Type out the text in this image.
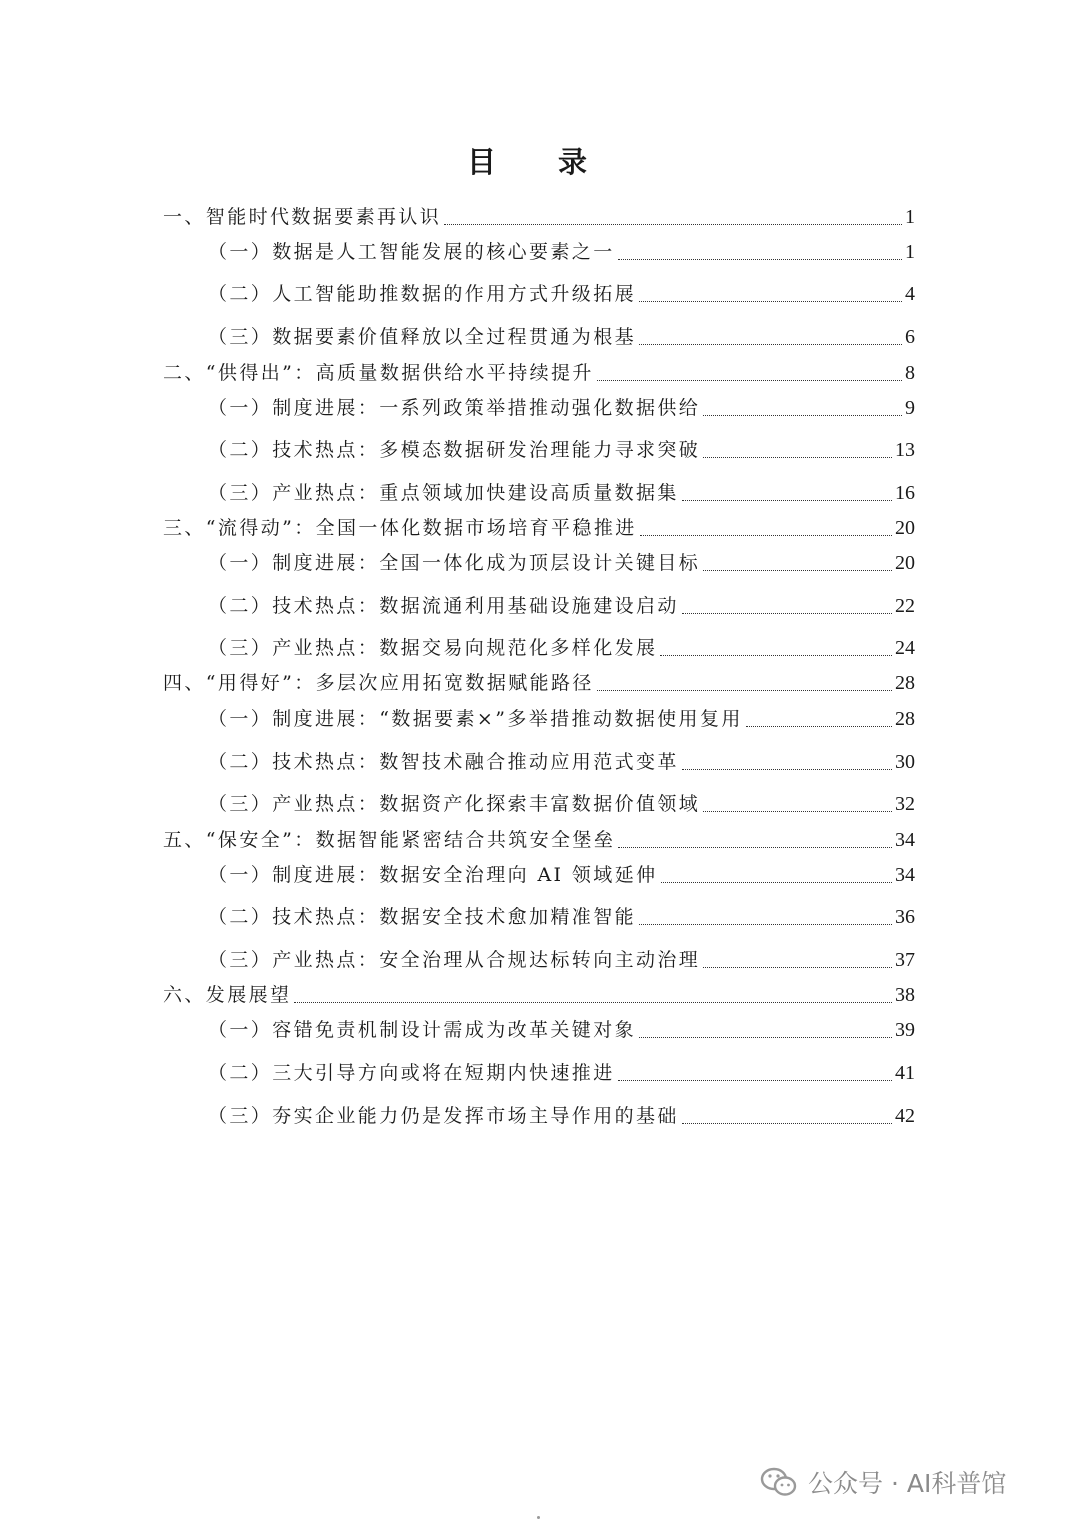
目 录
一、智能时代数据要素再认识	1
（一）数据是人工智能发展的核心要素之一	1
（二）人工智能助推数据的作用方式升级拓展	4
（三）数据要素价值释放以全过程贯通为根基	6
二、“供得出”：高质量数据供给水平持续提升	8
（一）制度进展：一系列政策举措推动强化数据供给	9
（二）技术热点：多模态数据研发治理能力寻求突破	13
（三）产业热点：重点领域加快建设高质量数据集	16
三、“流得动”：全国一体化数据市场培育平稳推进	20
（一）制度进展：全国一体化成为顶层设计关键目标	20
（二）技术热点：数据流通利用基础设施建设启动	22
（三）产业热点：数据交易向规范化多样化发展	24
四、“用得好”：多层次应用拓宽数据赋能路径	28
（一）制度进展：“数据要素×”多举措推动数据使用复用	28
（二）技术热点：数智技术融合推动应用范式变革	30
（三）产业热点：数据资产化探索丰富数据价值领域	32
五、“保安全”：数据智能紧密结合共筑安全堡垒	34
（一）制度进展：数据安全治理向 AI 领域延伸	34
（二）技术热点：数据安全技术愈加精准智能	36
（三）产业热点：安全治理从合规达标转向主动治理	37
六、发展展望	38
（一）容错免责机制设计需成为改革关键对象	39
（二）三大引导方向或将在短期内快速推进	41
（三）夯实企业能力仍是发挥市场主导作用的基础	42
公众号 · AI科普馆
